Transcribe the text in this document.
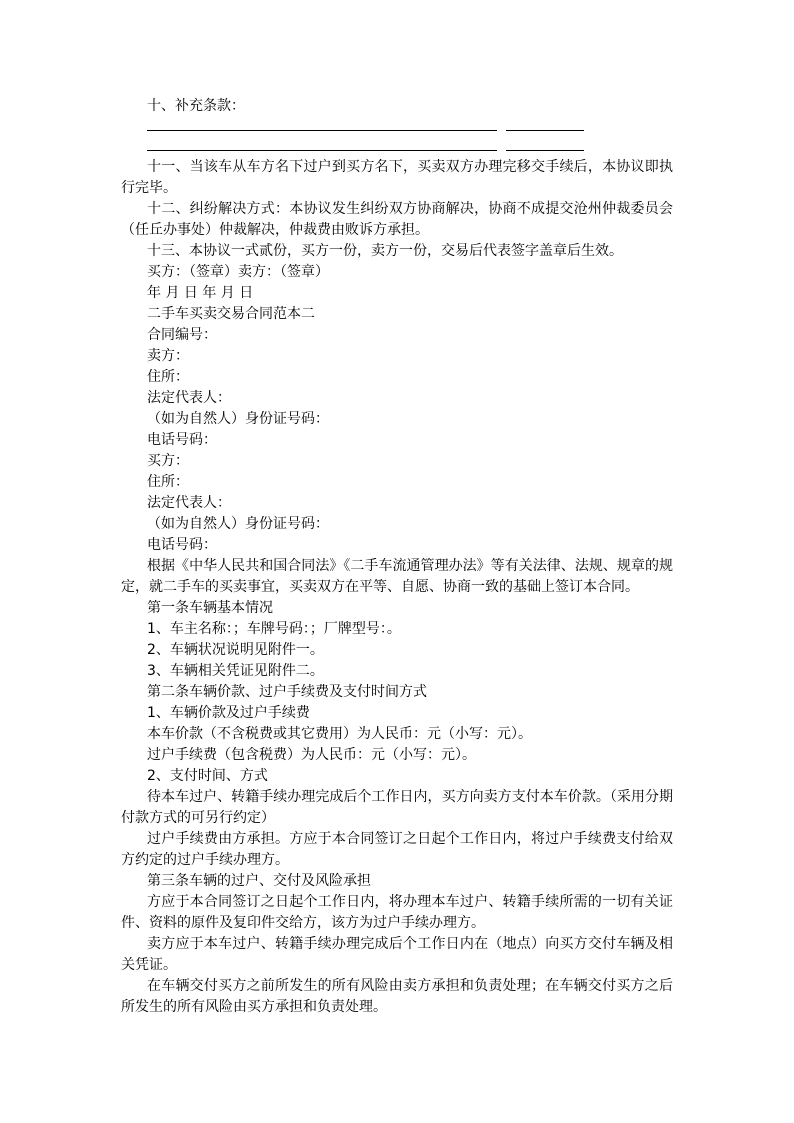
十、补充条款：

十一、当该车从车方名下过户到买方名下，买卖双方办理完移交手续后，本协议即执行完毕。

十二、纠纷解决方式：本协议发生纠纷双方协商解决，协商不成提交沧州仲裁委员会（任丘办事处）仲裁解决，仲裁费由败诉方承担。

十三、本协议一式贰份，买方一份，卖方一份，交易后代表签字盖章后生效。

买方：（签章）卖方：（签章）
年 月 日 年 月 日
二手车买卖交易合同范本二
合同编号：
卖方：
住所：
法定代表人：
（如为自然人）身份证号码：
电话号码：
买方：
住所：
法定代表人：
（如为自然人）身份证号码：
电话号码：

根据《中华人民共和国合同法》《二手车流通管理办法》等有关法律、法规、规章的规定，就二手车的买卖事宜，买卖双方在平等、自愿、协商一致的基础上签订本合同。

第一条车辆基本情况
1、车主名称：；车牌号码：；厂牌型号：。
2、车辆状况说明见附件一。
3、车辆相关凭证见附件二。
第二条车辆价款、过户手续费及支付时间方式
1、车辆价款及过户手续费
本车价款（不含税费或其它费用）为人民币：元（小写：元）。
过户手续费（包含税费）为人民币：元（小写：元）。
2、支付时间、方式

待本车过户、转籍手续办理完成后个工作日内，买方向卖方支付本车价款。（采用分期付款方式的可另行约定）

过户手续费由方承担。方应于本合同签订之日起个工作日内，将过户手续费支付给双方约定的过户手续办理方。

第三条车辆的过户、交付及风险承担

方应于本合同签订之日起个工作日内，将办理本车过户、转籍手续所需的一切有关证件、资料的原件及复印件交给方，该方为过户手续办理方。

卖方应于本车过户、转籍手续办理完成后个工作日内在（地点）向买方交付车辆及相关凭证。

在车辆交付买方之前所发生的所有风险由卖方承担和负责处理；在车辆交付买方之后所发生的所有风险由买方承担和负责处理。
